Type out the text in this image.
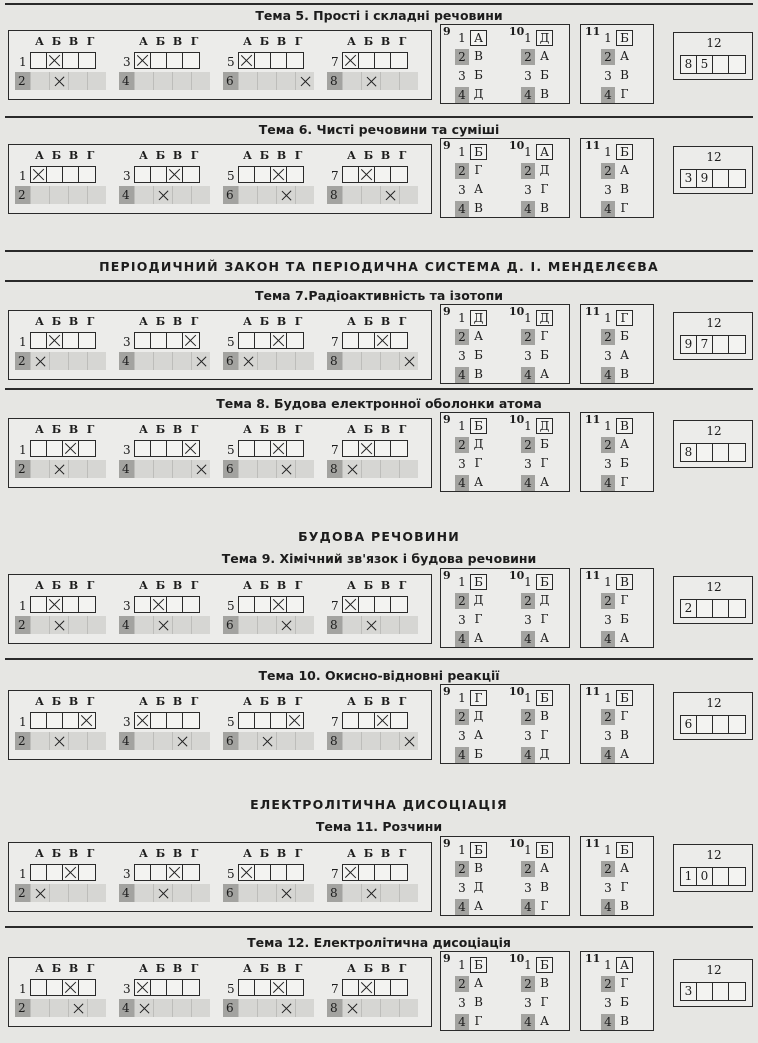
ПЕРІОДИЧНИЙ ЗАКОН ТА ПЕРІОДИЧНА СИСТЕМА Д. І. МЕНДЕЛЄЄВА
БУДОВА РЕЧОВИНИ
ЕЛЕКТРОЛІТИЧНА ДИСОЦІАЦІЯ
Тема 5. Прості і складні речовини
А Б В Г
1
2
А Б В Г
3
4
А Б В Г
5
6
А Б В Г
7
8
9 1 А
2 В
3 Б
4 Д
10 1 Д
2 А
3 Б
4 В
11 1 Б
2 А
3 В
4 Г
12
8 5
Тема 6. Чисті речовини та суміші
А Б В Г
1
2
А Б В Г
3
4
А Б В Г
5
6
А Б В Г
7
8
9 1 Б
2 Г
3 А
4 В
10 1 А
2 Д
3 Г
4 В
11 1 Б
2 А
3 В
4 Г
12
3 9
Тема 7.Радіоактивність та ізотопи
А Б В Г
1
2
А Б В Г
3
4
А Б В Г
5
6
А Б В Г
7
8
9 1 Д
2 А
3 Б
4 В
10 1 Д
2 Г
3 Б
4 А
11 1 Г
2 Б
3 А
4 В
12
9 7
Тема 8. Будова електронної оболонки атома
А Б В Г
1
2
А Б В Г
3
4
А Б В Г
5
6
А Б В Г
7
8
9 1 Б
2 Д
3 Г
4 А
10 1 Д
2 Б
3 Г
4 А
11 1 В
2 А
3 Б
4 Г
12
8
Тема 9. Хімічний зв'язок і будова речовини
А Б В Г
1
2
А Б В Г
3
4
А Б В Г
5
6
А Б В Г
7
8
9 1 Б
2 Д
3 Г
4 А
10 1 Б
2 Д
3 Г
4 А
11 1 В
2 Г
3 Б
4 А
12
2
Тема 10. Окисно-відновні реакції
А Б В Г
1
2
А Б В Г
3
4
А Б В Г
5
6
А Б В Г
7
8
9 1 Г
2 Д
3 А
4 Б
10 1 Б
2 В
3 Г
4 Д
11 1 Б
2 Г
3 В
4 А
12
6
Тема 11. Розчини
А Б В Г
1
2
А Б В Г
3
4
А Б В Г
5
6
А Б В Г
7
8
9 1 Б
2 В
3 Д
4 А
10 1 Б
2 А
3 В
4 Г
11 1 Б
2 А
3 Г
4 В
12
1 0
Тема 12. Електролітична дисоціація
А Б В Г
1
2
А Б В Г
3
4
А Б В Г
5
6
А Б В Г
7
8
9 1 Б
2 А
3 В
4 Г
10 1 Б
2 В
3 Г
4 А
11 1 А
2 Г
3 Б
4 В
12
3
